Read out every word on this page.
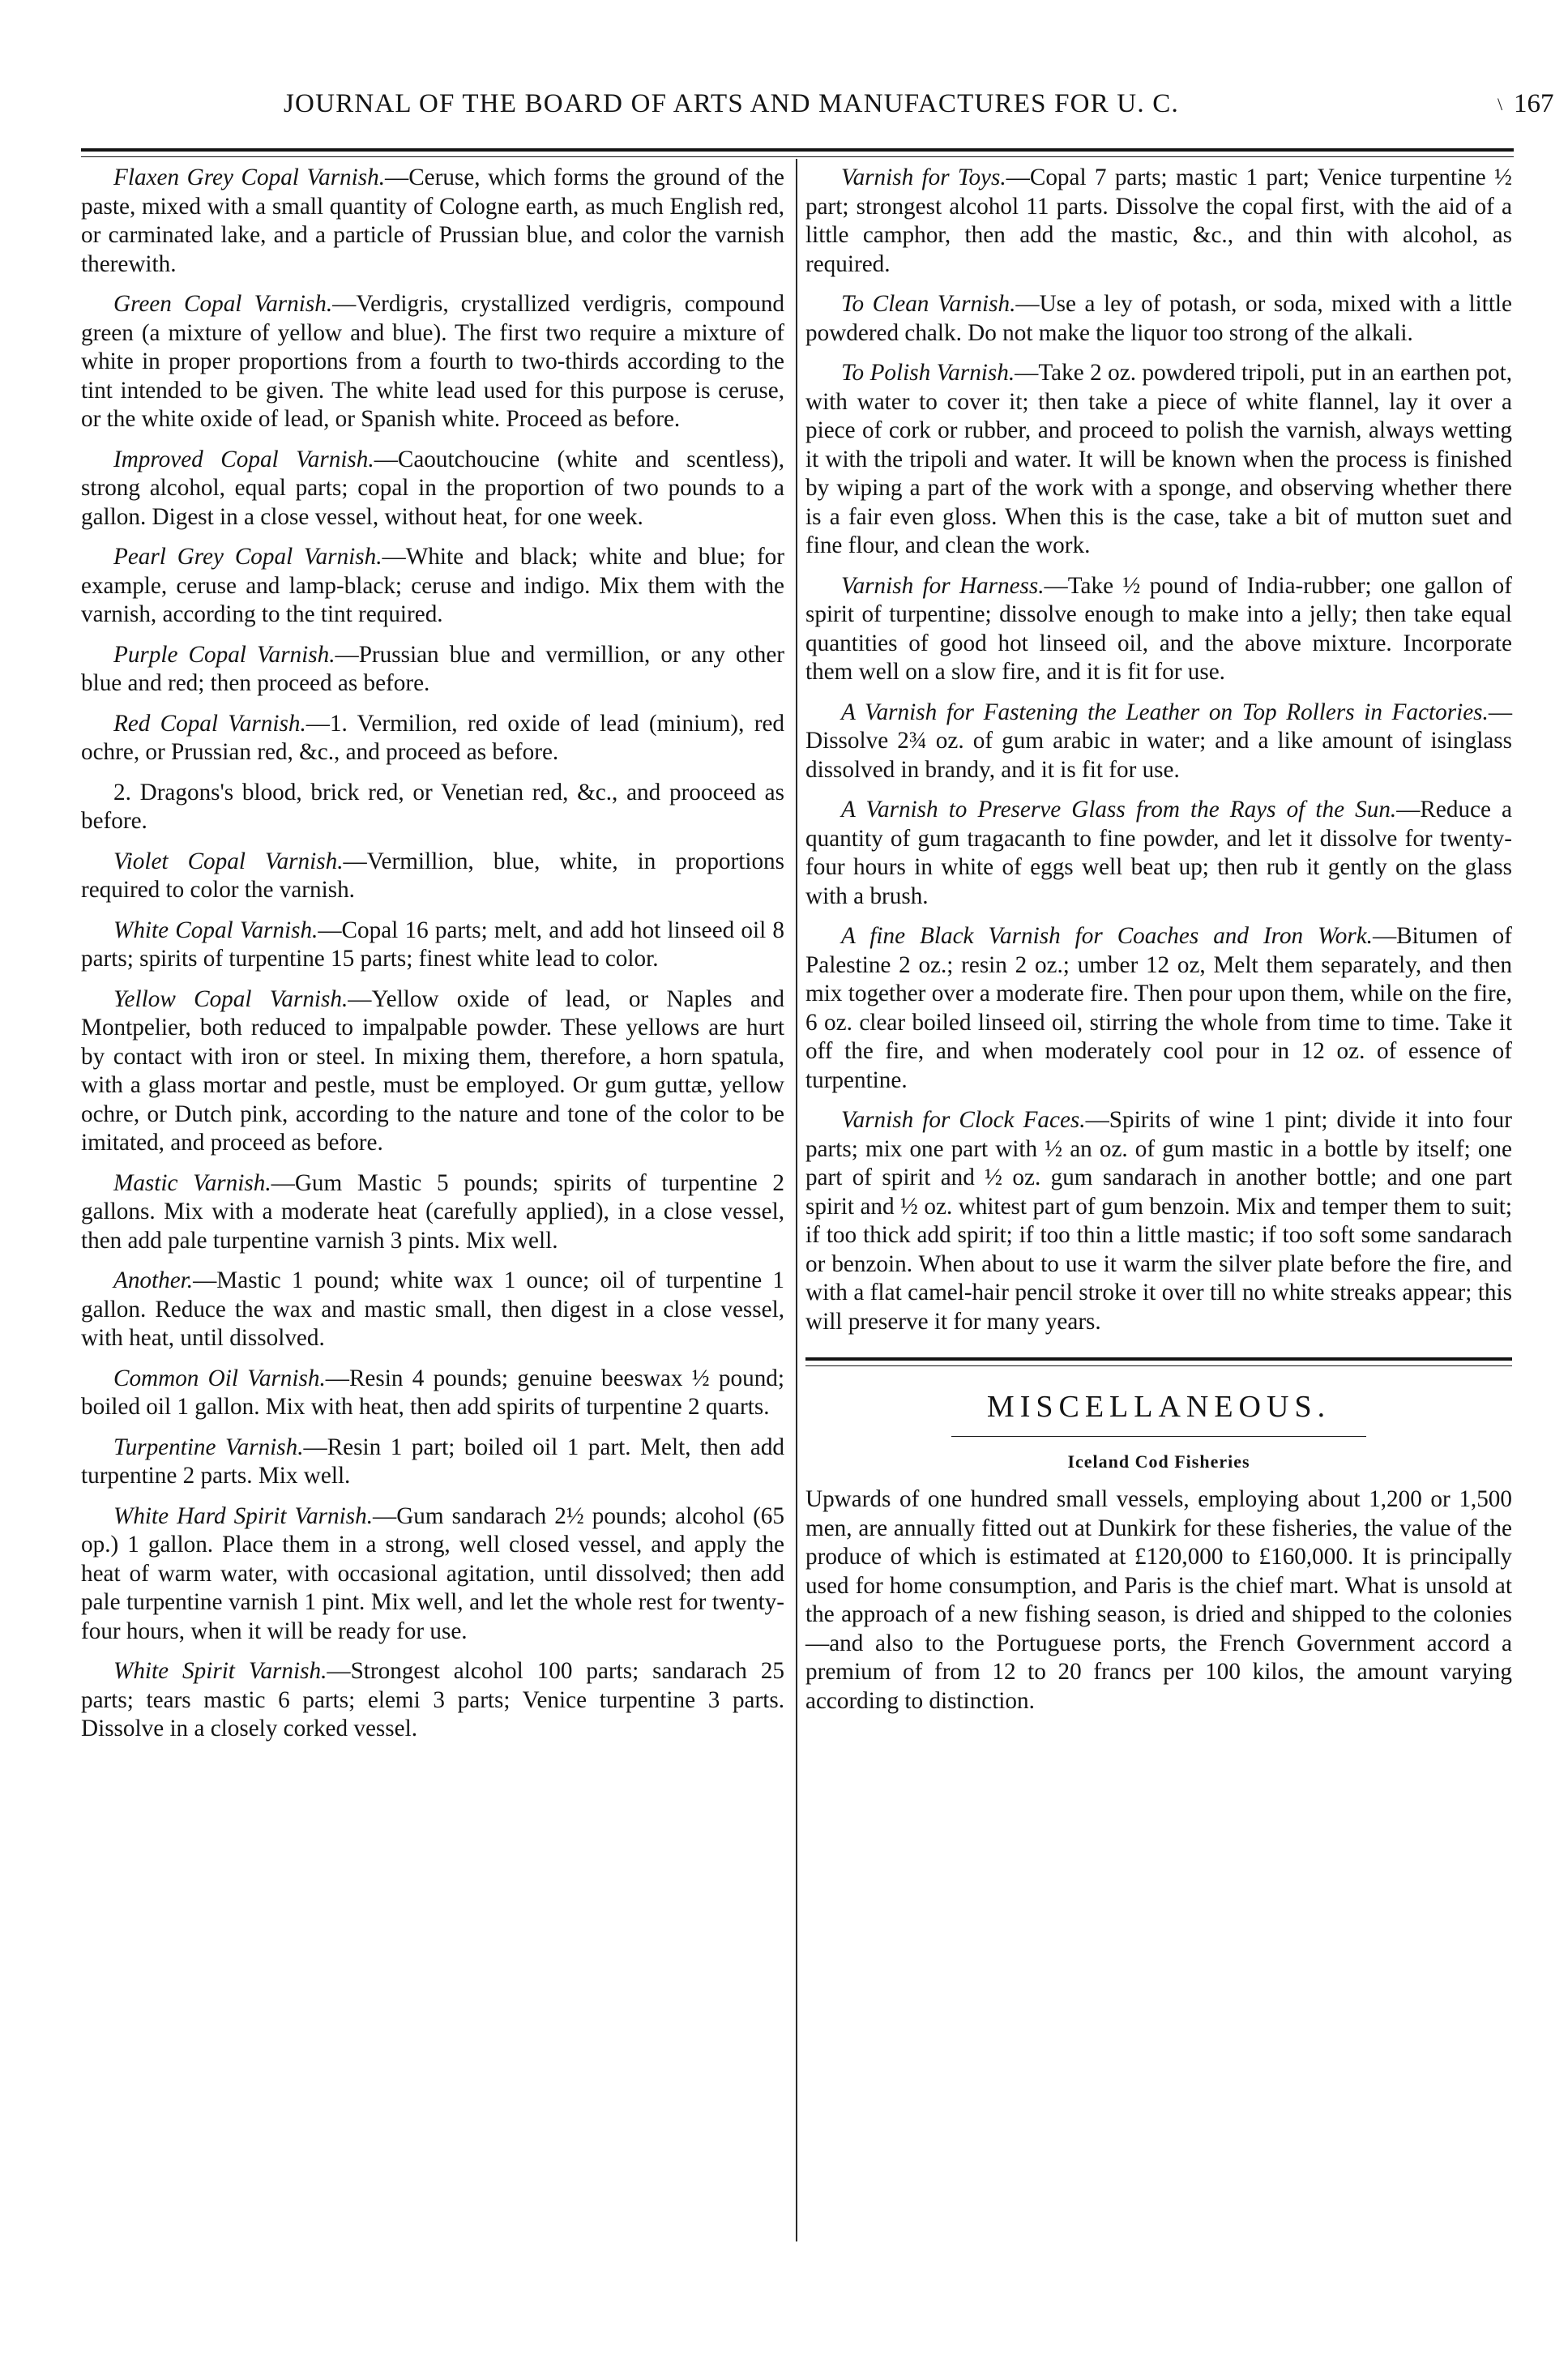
JOURNAL OF THE BOARD OF ARTS AND MANUFACTURES FOR U. C.	\ 167

Flaxen Grey Copal Varnish.—Ceruse, which forms the ground of the paste, mixed with a small quantity of Cologne earth, as much English red, or carminated lake, and a particle of Prussian blue, and color the varnish therewith.

Green Copal Varnish.—Verdigris, crystallized verdigris, compound green (a mixture of yellow and blue). The first two require a mixture of white in proper proportions from a fourth to two-thirds according to the tint intended to be given. The white lead used for this purpose is ceruse, or the white oxide of lead, or Spanish white. Proceed as before.

Improved Copal Varnish.—Caoutchoucine (white and scentless), strong alcohol, equal parts; copal in the proportion of two pounds to a gallon. Digest in a close vessel, without heat, for one week.

Pearl Grey Copal Varnish.—White and black; white and blue; for example, ceruse and lamp-black; ceruse and indigo. Mix them with the varnish, according to the tint required.

Purple Copal Varnish.—Prussian blue and vermillion, or any other blue and red; then proceed as before.

Red Copal Varnish.—1. Vermilion, red oxide of lead (minium), red ochre, or Prussian red, &c., and proceed as before.

2. Dragons's blood, brick red, or Venetian red, &c., and prooceed as before.

Violet Copal Varnish.—Vermillion, blue, white, in proportions required to color the varnish.

White Copal Varnish.—Copal 16 parts; melt, and add hot linseed oil 8 parts; spirits of turpentine 15 parts; finest white lead to color.

Yellow Copal Varnish.—Yellow oxide of lead, or Naples and Montpelier, both reduced to impalpable powder. These yellows are hurt by contact with iron or steel. In mixing them, therefore, a horn spatula, with a glass mortar and pestle, must be employed. Or gum guttæ, yellow ochre, or Dutch pink, according to the nature and tone of the color to be imitated, and proceed as before.

Mastic Varnish.—Gum Mastic 5 pounds; spirits of turpentine 2 gallons. Mix with a moderate heat (carefully applied), in a close vessel, then add pale turpentine varnish 3 pints. Mix well.

Another.—Mastic 1 pound; white wax 1 ounce; oil of turpentine 1 gallon. Reduce the wax and mastic small, then digest in a close vessel, with heat, until dissolved.

Common Oil Varnish.—Resin 4 pounds; genuine beeswax ½ pound; boiled oil 1 gallon. Mix with heat, then add spirits of turpentine 2 quarts.

Turpentine Varnish.—Resin 1 part; boiled oil 1 part. Melt, then add turpentine 2 parts. Mix well.

White Hard Spirit Varnish.—Gum sandarach 2½ pounds; alcohol (65 op.) 1 gallon. Place them in a strong, well closed vessel, and apply the heat of warm water, with occasional agitation, until dissolved; then add pale turpentine varnish 1 pint. Mix well, and let the whole rest for twenty-four hours, when it will be ready for use.

White Spirit Varnish.—Strongest alcohol 100 parts; sandarach 25 parts; tears mastic 6 parts; elemi 3 parts; Venice turpentine 3 parts. Dissolve in a closely corked vessel.

Varnish for Toys.—Copal 7 parts; mastic 1 part; Venice turpentine ½ part; strongest alcohol 11 parts. Dissolve the copal first, with the aid of a little camphor, then add the mastic, &c., and thin with alcohol, as required.

To Clean Varnish.—Use a ley of potash, or soda, mixed with a little powdered chalk. Do not make the liquor too strong of the alkali.

To Polish Varnish.—Take 2 oz. powdered tripoli, put in an earthen pot, with water to cover it; then take a piece of white flannel, lay it over a piece of cork or rubber, and proceed to polish the varnish, always wetting it with the tripoli and water. It will be known when the process is finished by wiping a part of the work with a sponge, and observing whether there is a fair even gloss. When this is the case, take a bit of mutton suet and fine flour, and clean the work.

Varnish for Harness.—Take ½ pound of India-rubber; one gallon of spirit of turpentine; dissolve enough to make into a jelly; then take equal quantities of good hot linseed oil, and the above mixture. Incorporate them well on a slow fire, and it is fit for use.

A Varnish for Fastening the Leather on Top Rollers in Factories.—Dissolve 2¾ oz. of gum arabic in water; and a like amount of isinglass dissolved in brandy, and it is fit for use.

A Varnish to Preserve Glass from the Rays of the Sun.—Reduce a quantity of gum tragacanth to fine powder, and let it dissolve for twenty-four hours in white of eggs well beat up; then rub it gently on the glass with a brush.

A fine Black Varnish for Coaches and Iron Work.—Bitumen of Palestine 2 oz.; resin 2 oz.; umber 12 oz, Melt them separately, and then mix together over a moderate fire. Then pour upon them, while on the fire, 6 oz. clear boiled linseed oil, stirring the whole from time to time. Take it off the fire, and when moderately cool pour in 12 oz. of essence of turpentine.

Varnish for Clock Faces.—Spirits of wine 1 pint; divide it into four parts; mix one part with ½ an oz. of gum mastic in a bottle by itself; one part of spirit and ½ oz. gum sandarach in another bottle; and one part spirit and ½ oz. whitest part of gum benzoin. Mix and temper them to suit; if too thick add spirit; if too thin a little mastic; if too soft some sandarach or benzoin. When about to use it warm the silver plate before the fire, and with a flat camel-hair pencil stroke it over till no white streaks appear; this will preserve it for many years.

MISCELLANEOUS.
Iceland Cod Fisheries

Upwards of one hundred small vessels, employing about 1,200 or 1,500 men, are annually fitted out at Dunkirk for these fisheries, the value of the produce of which is estimated at £120,000 to £160,000. It is principally used for home consumption, and Paris is the chief mart. What is unsold at the approach of a new fishing season, is dried and shipped to the colonies—and also to the Portuguese ports, the French Government accord a premium of from 12 to 20 francs per 100 kilos, the amount varying according to distinction.
